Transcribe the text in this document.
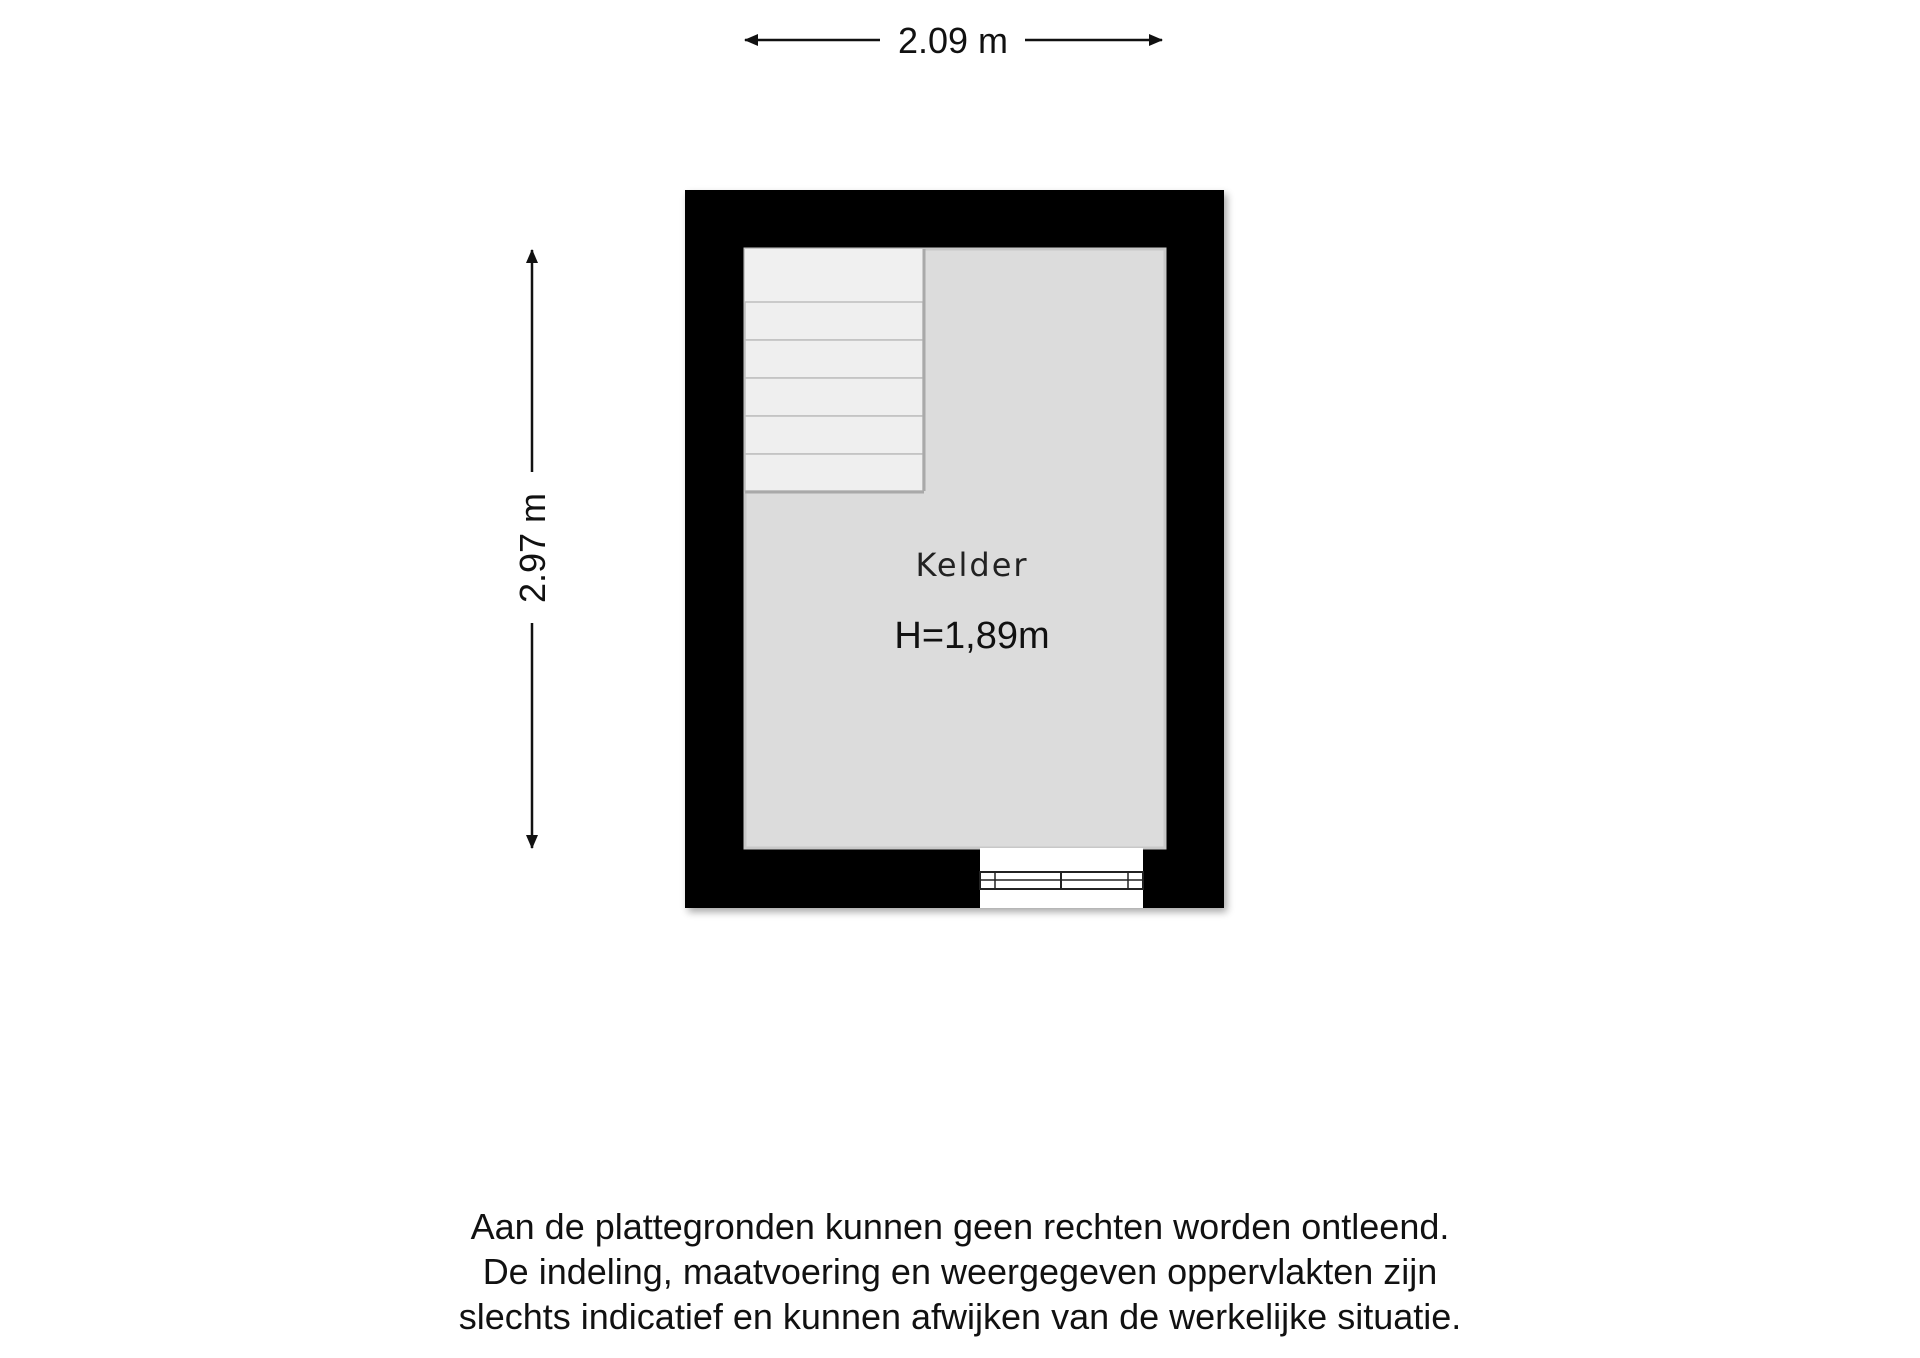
2.09 m
2.97 m	Kelder
H=1,89m
Aan de plattegronden kunnen geen rechten worden ontleend.
De indeling, maatvoering en weergegeven oppervlakten zijn
slechts indicatief en kunnen afwijken van de werkelijke situatie.
